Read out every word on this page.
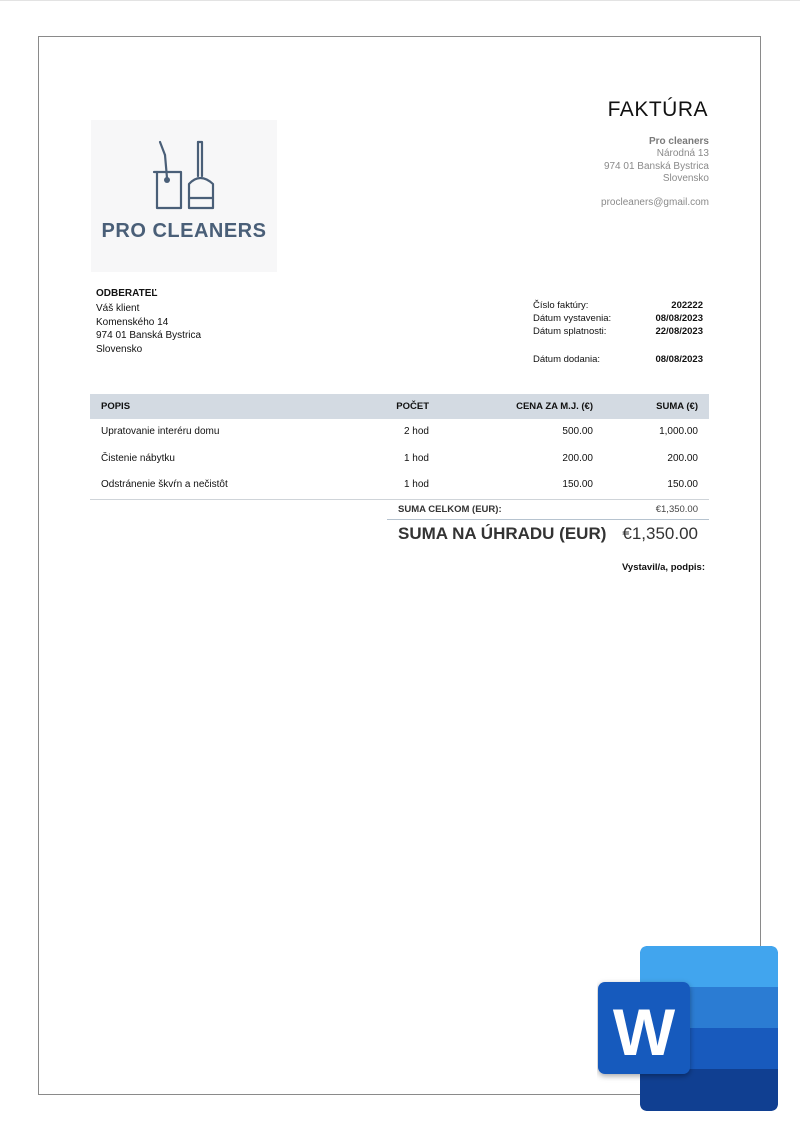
PRO CLEANERS
FAKTÚRA
Pro cleaners
Národná 13
974 01 Banská Bystrica
Slovensko
procleaners@gmail.com
ODBERATEĽ
Váš klient
Komenského 14
974 01 Banská Bystrica
Slovensko
Číslo faktúry:	202222
Dátum vystavenia:	08/08/2023
Dátum splatnosti:	22/08/2023
Dátum dodania:	08/08/2023
POPIS	POČET	CENA ZA M.J. (€)	SUMA (€)
Upratovanie interéru domu	2 hod	500.00	1,000.00
Čistenie nábytku	1 hod	200.00	200.00
Odstránenie škvŕn a nečistôt	1 hod	150.00	150.00
SUMA CELKOM (EUR):	€1,350.00
SUMA NA ÚHRADU (EUR) €1,350.00
Vystavil/a, podpis:
W
